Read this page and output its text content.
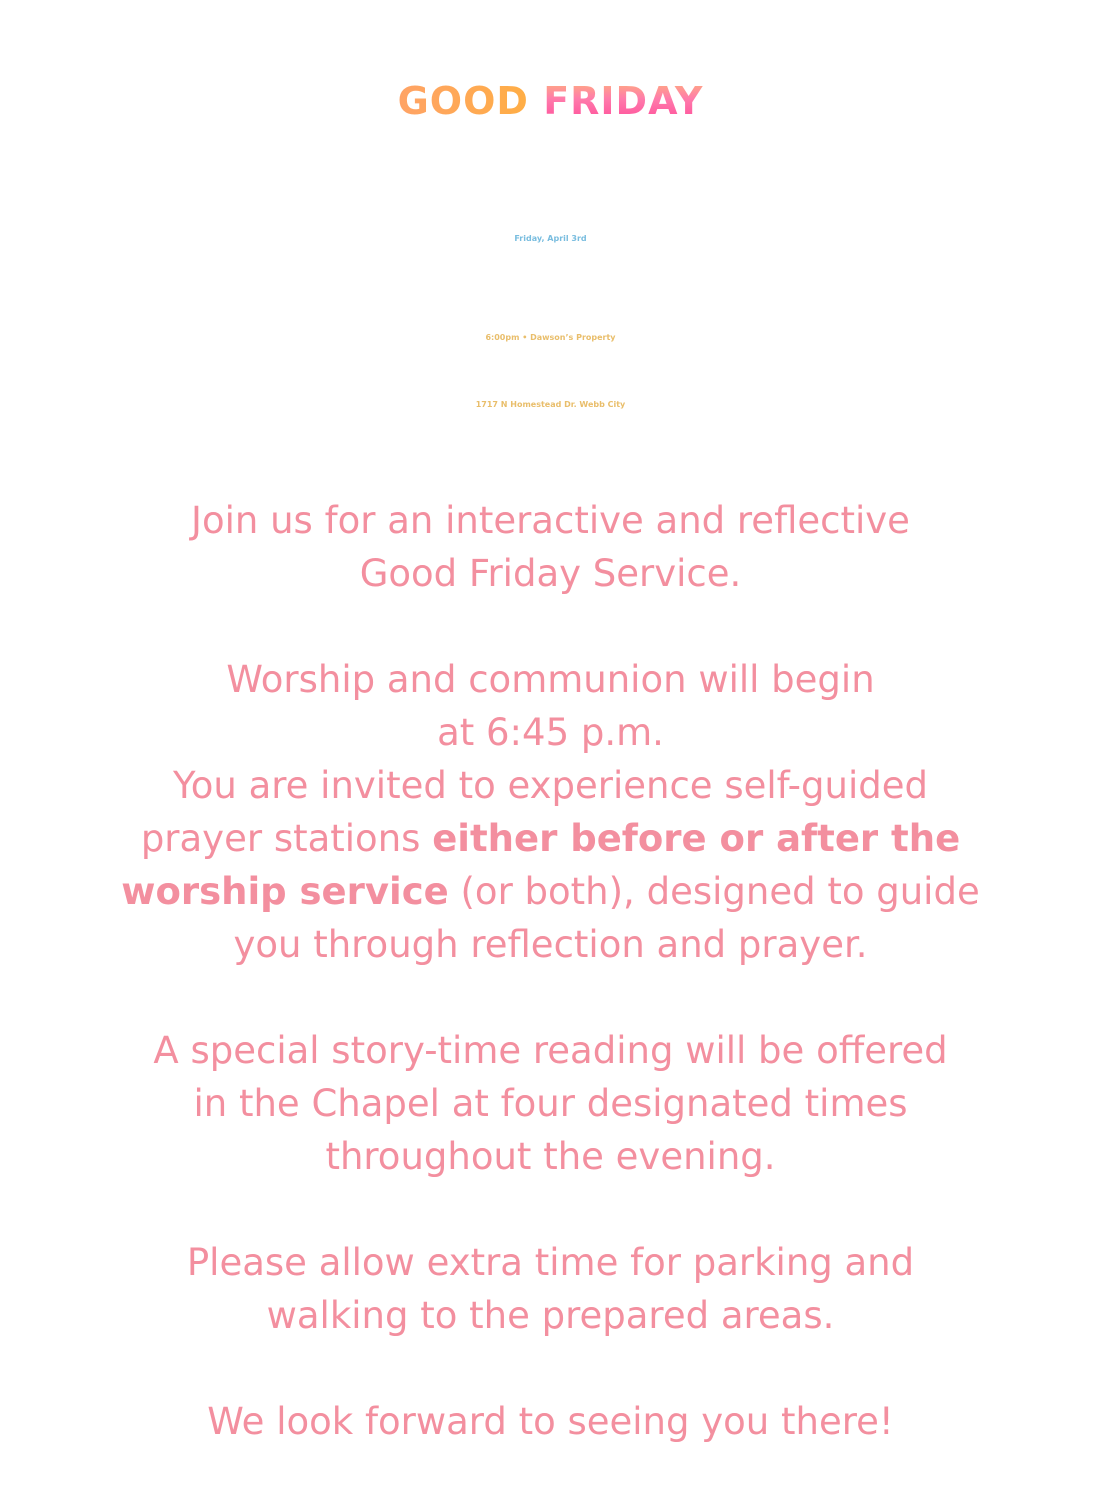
GOOD FRIDAY
Friday, April 3rd
6:00pm • Dawson’s Property
1717 N Homestead Dr. Webb City

Join us for an interactive and reflective
Good Friday Service.

Worship and communion will begin
at 6:45 p.m.

You are invited to experience self-guided
prayer stations either before or after the
worship service (or both), designed to guide
you through reflection and prayer.

A special story-time reading will be offered
in the Chapel at four designated times
throughout the evening.

Please allow extra time for parking and
walking to the prepared areas.

We look forward to seeing you there!
